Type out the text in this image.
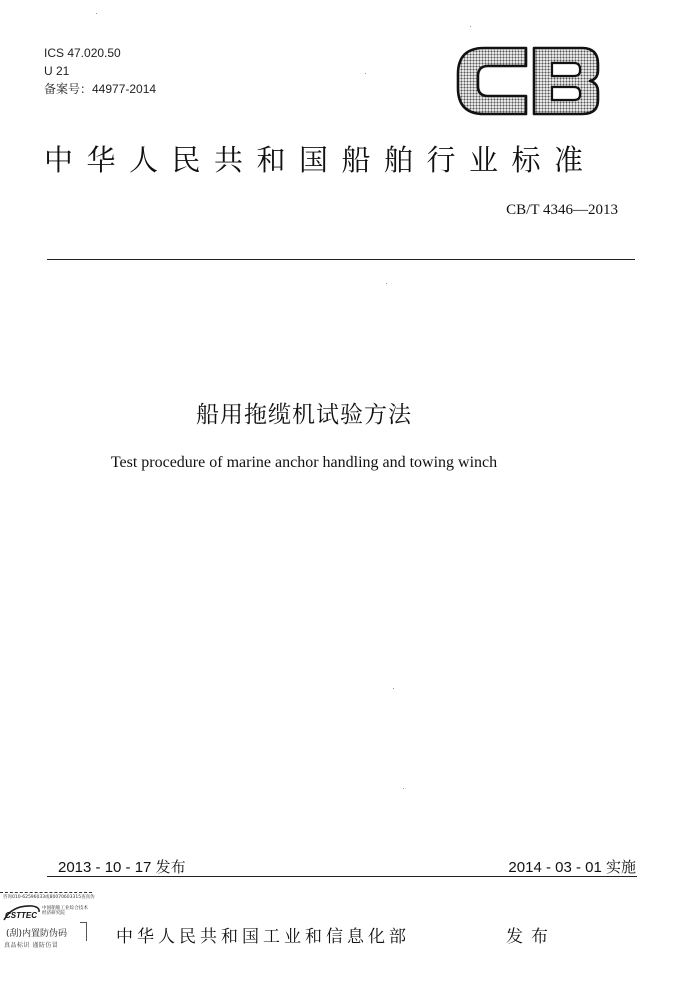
ICS 47.020.50
U 21
备案号：44977-2014
中华人民共和国船舶行业标准
CB/T 4346—2013
船用拖缆机试验方法
Test procedure of marine anchor handling and towing winch
2013 - 10 - 17 发布	2014 - 03 - 01 实施
中华人民共和国工业和信息化部	发布
咨询010-62596033或80070603315查真伪
CSTTEC
中国船舶工业综合技术经济研究院
(刮)内置防伪码
真品标识 谨防仿冒
